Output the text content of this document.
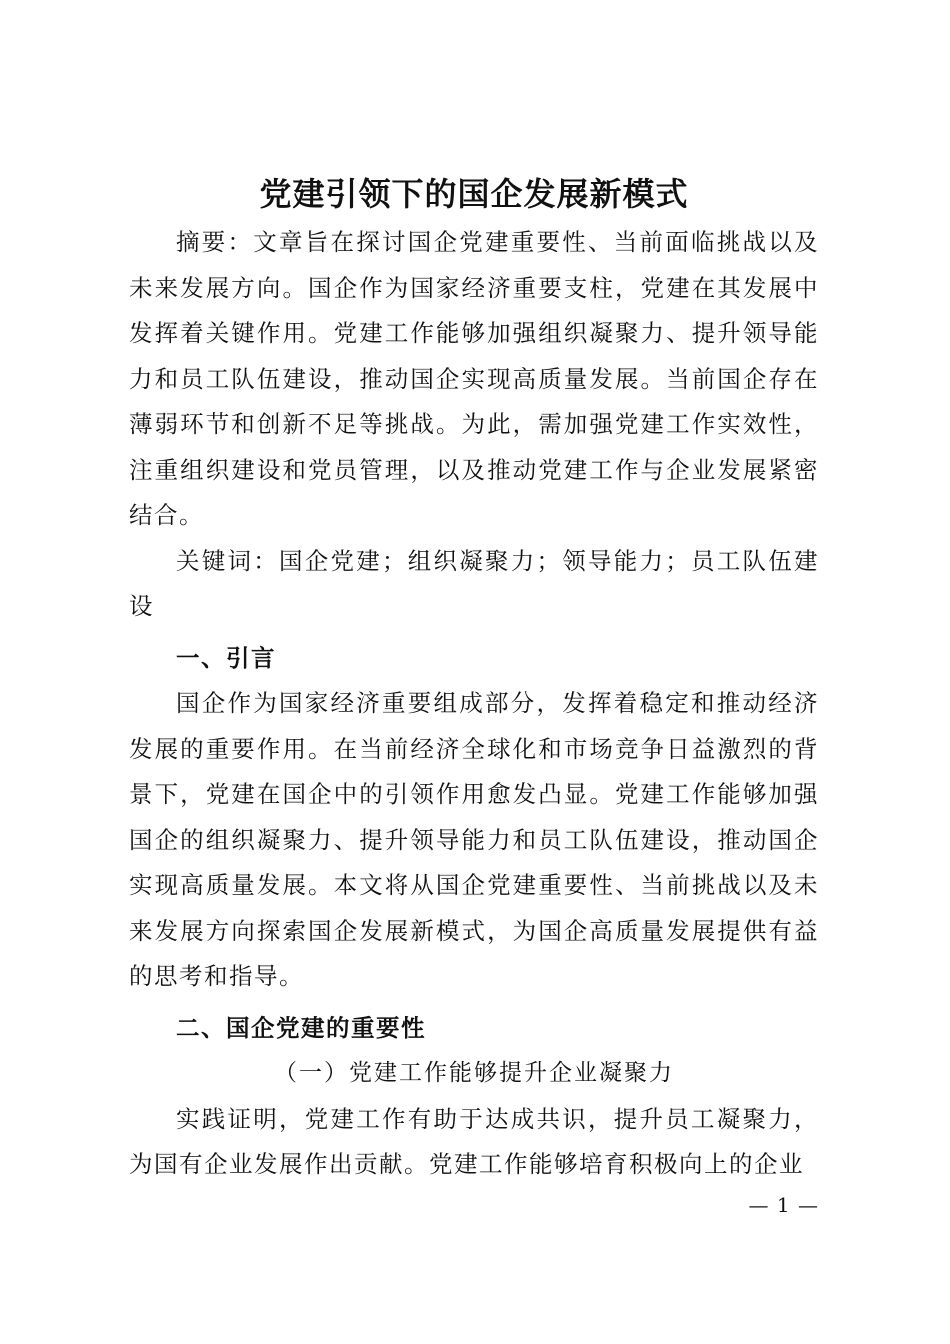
党建引领下的国企发展新模式

摘要：文章旨在探讨国企党建重要性、当前面临挑战以及未来发展方向。国企作为国家经济重要支柱，党建在其发展中发挥着关键作用。党建工作能够加强组织凝聚力、提升领导能力和员工队伍建设，推动国企实现高质量发展。当前国企存在薄弱环节和创新不足等挑战。为此，需加强党建工作实效性，注重组织建设和党员管理，以及推动党建工作与企业发展紧密结合。

关键词：国企党建；组织凝聚力；领导能力；员工队伍建设

一、引言

国企作为国家经济重要组成部分，发挥着稳定和推动经济发展的重要作用。在当前经济全球化和市场竞争日益激烈的背景下，党建在国企中的引领作用愈发凸显。党建工作能够加强国企的组织凝聚力、提升领导能力和员工队伍建设，推动国企实现高质量发展。本文将从国企党建重要性、当前挑战以及未来发展方向探索国企发展新模式，为国企高质量发展提供有益的思考和指导。

二、国企党建的重要性

（一）党建工作能够提升企业凝聚力

实践证明，党建工作有助于达成共识，提升员工凝聚力，为国有企业发展作出贡献。党建工作能够培育积极向上的企业

— 1 —
